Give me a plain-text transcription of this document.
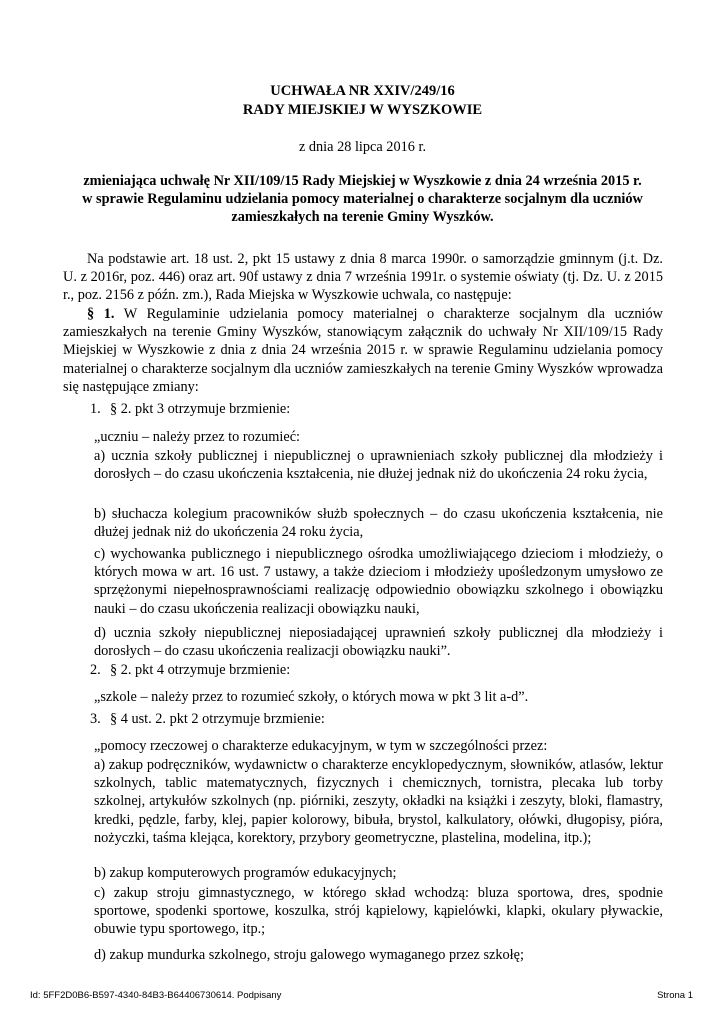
UCHWAŁA NR XXIV/249/16
RADY MIEJSKIEJ W WYSZKOWIE
z dnia 28 lipca 2016 r.
zmieniająca uchwałę Nr XII/109/15 Rady Miejskiej w Wyszkowie z dnia 24 września 2015 r.
w sprawie Regulaminu udzielania pomocy materialnej o charakterze socjalnym dla uczniów
zamieszkałych na terenie Gminy Wyszków.

Na podstawie art. 18 ust. 2, pkt 15 ustawy z dnia 8 marca 1990r. o samorządzie gminnym (j.t. Dz. U. z 2016r, poz. 446) oraz art. 90f ustawy z dnia 7 września 1991r. o systemie oświaty (tj. Dz. U. z 2015 r., poz. 2156 z późn. zm.), Rada Miejska w Wyszkowie uchwala, co następuje:

§ 1. W Regulaminie udzielania pomocy materialnej o charakterze socjalnym dla uczniów zamieszkałych na terenie Gminy Wyszków, stanowiącym załącznik do uchwały Nr XII/109/15 Rady Miejskiej w Wyszkowie z dnia z dnia 24 września 2015 r. w sprawie Regulaminu udzielania pomocy materialnej o charakterze socjalnym dla uczniów zamieszkałych na terenie Gminy Wyszków wprowadza się następujące zmiany:

1. § 2. pkt 3 otrzymuje brzmienie:
„uczniu – należy przez to rozumieć:

a) ucznia szkoły publicznej i niepublicznej o uprawnieniach szkoły publicznej dla młodzieży i dorosłych – do czasu ukończenia kształcenia, nie dłużej jednak niż do ukończenia 24 roku życia,

b) słuchacza kolegium pracowników służb społecznych – do czasu ukończenia kształcenia, nie dłużej jednak niż do ukończenia 24 roku życia,

c) wychowanka publicznego i niepublicznego ośrodka umożliwiającego dzieciom i młodzieży, o których mowa w art. 16 ust. 7 ustawy, a także dzieciom i młodzieży upośledzonym umysłowo ze sprzężonymi niepełnosprawnościami realizację odpowiednio obowiązku szkolnego i obowiązku nauki – do czasu ukończenia realizacji obowiązku nauki,

d) ucznia szkoły niepublicznej nieposiadającej uprawnień szkoły publicznej dla młodzieży i dorosłych – do czasu ukończenia realizacji obowiązku nauki”.

2. § 2. pkt 4 otrzymuje brzmienie:
„szkole – należy przez to rozumieć szkoły, o których mowa w pkt 3 lit a-d”.
3. § 4 ust. 2. pkt 2 otrzymuje brzmienie:
„pomocy rzeczowej o charakterze edukacyjnym, w tym w szczególności przez:

a) zakup podręczników, wydawnictw o charakterze encyklopedycznym, słowników, atlasów, lektur szkolnych, tablic matematycznych, fizycznych i chemicznych, tornistra, plecaka lub torby szkolnej, artykułów szkolnych (np. piórniki, zeszyty, okładki na książki i zeszyty, bloki, flamastry, kredki, pędzle, farby, klej, papier kolorowy, bibuła, brystol, kalkulatory, ołówki, długopisy, pióra, nożyczki, taśma klejąca, korektory, przybory geometryczne, plastelina, modelina, itp.);

b) zakup komputerowych programów edukacyjnych;

c) zakup stroju gimnastycznego, w którego skład wchodzą: bluza sportowa, dres, spodnie sportowe, spodenki sportowe, koszulka, strój kąpielowy, kąpielówki, klapki, okulary pływackie, obuwie typu sportowego, itp.;

d) zakup mundurka szkolnego, stroju galowego wymaganego przez szkołę;

Id: 5FF2D0B6-B597-4340-84B3-B64406730614. Podpisany	Strona 1
